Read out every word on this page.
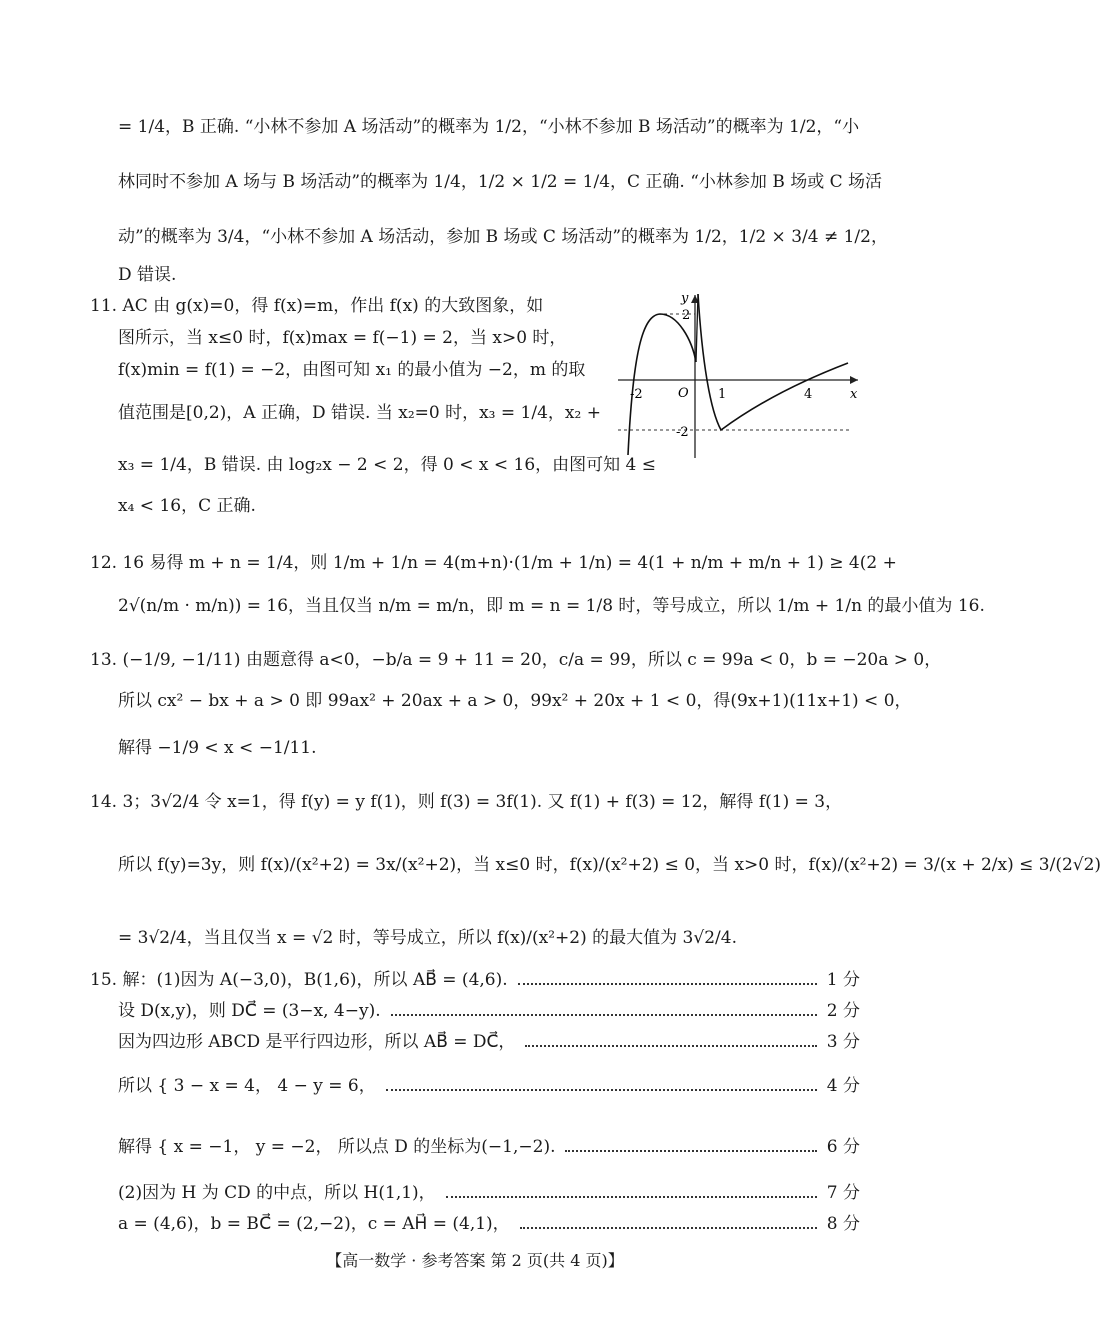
= 1/4，B 正确. “小林不参加 A 场活动”的概率为 1/2，“小林不参加 B 场活动”的概率为 1/2，“小
林同时不参加 A 场与 B 场活动”的概率为 1/4，1/2 × 1/2 = 1/4，C 正确. “小林参加 B 场或 C 场活
动”的概率为 3/4，“小林不参加 A 场活动，参加 B 场或 C 场活动”的概率为 1/2，1/2 × 3/4 ≠ 1/2，
D 错误.
11. AC 由 g(x)=0，得 f(x)=m，作出 f(x) 的大致图象，如
图所示，当 x≤0 时，f(x)max = f(−1) = 2，当 x>0 时，
f(x)min = f(1) = −2，由图可知 x₁ 的最小值为 −2，m 的取
值范围是[0,2)，A 正确，D 错误. 当 x₂=0 时，x₃ = 1/4，x₂ +
x₃ = 1/4，B 错误. 由 log₂x − 2 < 2，得 0 < x < 16，由图可知 4 ≤
x₄ < 16，C 正确.
x
y
O
-2	1	4
2
-2
12. 16 易得 m + n = 1/4，则 1/m + 1/n = 4(m+n)·(1/m + 1/n) = 4(1 + n/m + m/n + 1) ≥ 4(2 +
2√(n/m · m/n)) = 16，当且仅当 n/m = m/n，即 m = n = 1/8 时，等号成立，所以 1/m + 1/n 的最小值为 16.
13. (−1/9, −1/11) 由题意得 a<0，−b/a = 9 + 11 = 20，c/a = 99，所以 c = 99a < 0，b = −20a > 0，
所以 cx² − bx + a > 0 即 99ax² + 20ax + a > 0，99x² + 20x + 1 < 0，得(9x+1)(11x+1) < 0，
解得 −1/9 < x < −1/11.
14. 3；3√2/4 令 x=1，得 f(y) = y f(1)，则 f(3) = 3f(1). 又 f(1) + f(3) = 12，解得 f(1) = 3，
所以 f(y)=3y，则 f(x)/(x²+2) = 3x/(x²+2)，当 x≤0 时，f(x)/(x²+2) ≤ 0，当 x>0 时，f(x)/(x²+2) = 3/(x + 2/x) ≤ 3/(2√2)
= 3√2/4，当且仅当 x = √2 时，等号成立，所以 f(x)/(x²+2) 的最大值为 3√2/4.
15. 解：(1)因为 A(−3,0)，B(1,6)，所以 AB⃗ = (4,6).	1 分
设 D(x,y)，则 DC⃗ = (3−x, 4−y).	2 分
因为四边形 ABCD 是平行四边形，所以 AB⃗ = DC⃗，	3 分
所以 { 3 − x = 4， 4 − y = 6，	4 分
解得 { x = −1， y = −2， 所以点 D 的坐标为(−1,−2).	6 分
(2)因为 H 为 CD 的中点，所以 H(1,1)，	7 分
a = (4,6)，b = BC⃗ = (2,−2)，c = AH⃗ = (4,1)，	8 分
【高一数学 · 参考答案 第 2 页(共 4 页)】
